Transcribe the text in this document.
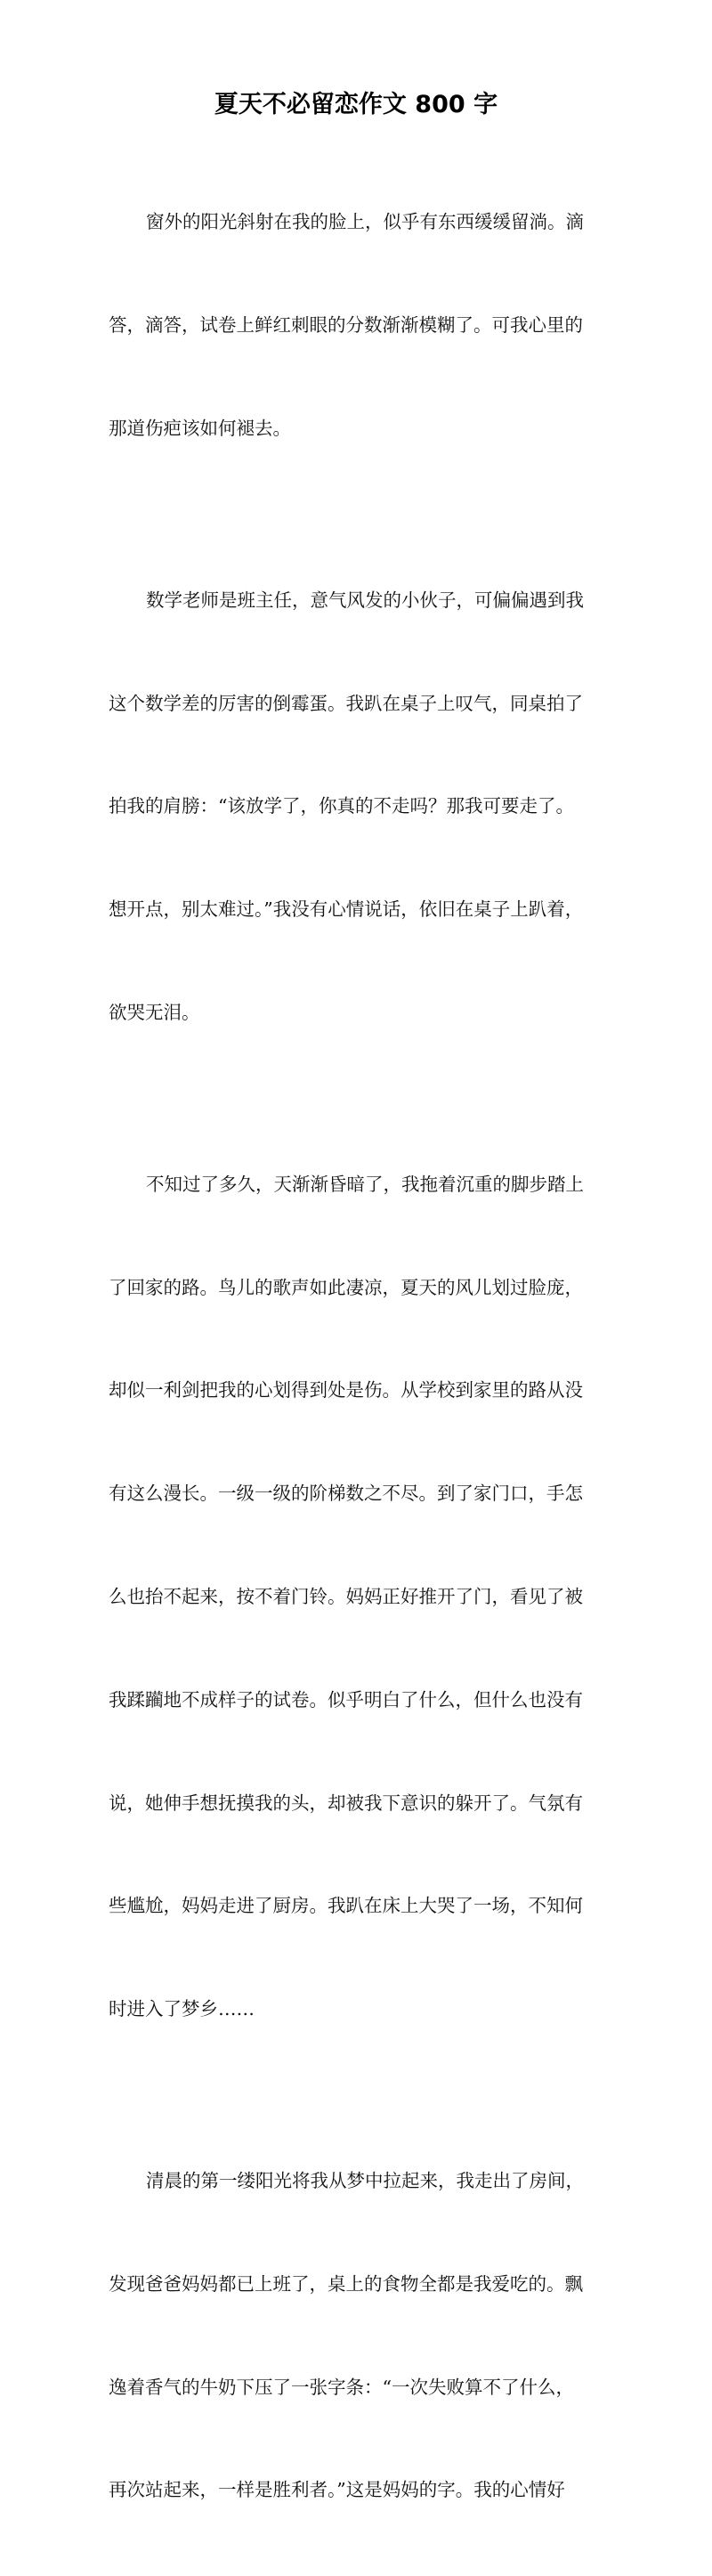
夏天不必留恋作文 800 字

窗外的阳光斜射在我的脸上，似乎有东西缓缓留淌。滴

答，滴答，试卷上鲜红刺眼的分数渐渐模糊了。可我心里的

那道伤疤该如何褪去。

数学老师是班主任，意气风发的小伙子，可偏偏遇到我

这个数学差的厉害的倒霉蛋。我趴在桌子上叹气，同桌拍了

拍我的肩膀：“该放学了，你真的不走吗？那我可要走了。

想开点，别太难过。”我没有心情说话，依旧在桌子上趴着，

欲哭无泪。

不知过了多久，天渐渐昏暗了，我拖着沉重的脚步踏上

了回家的路。鸟儿的歌声如此凄凉，夏天的风儿划过脸庞，

却似一利剑把我的心划得到处是伤。从学校到家里的路从没

有这么漫长。一级一级的阶梯数之不尽。到了家门口，手怎

么也抬不起来，按不着门铃。妈妈正好推开了门，看见了被

我蹂躏地不成样子的试卷。似乎明白了什么，但什么也没有

说，她伸手想抚摸我的头，却被我下意识的躲开了。气氛有

些尴尬，妈妈走进了厨房。我趴在床上大哭了一场，不知何

时进入了梦乡……

清晨的第一缕阳光将我从梦中拉起来，我走出了房间，

发现爸爸妈妈都已上班了，桌上的食物全都是我爱吃的。飘

逸着香气的牛奶下压了一张字条：“一次失败算不了什么，

再次站起来，一样是胜利者。”这是妈妈的字。我的心情好
